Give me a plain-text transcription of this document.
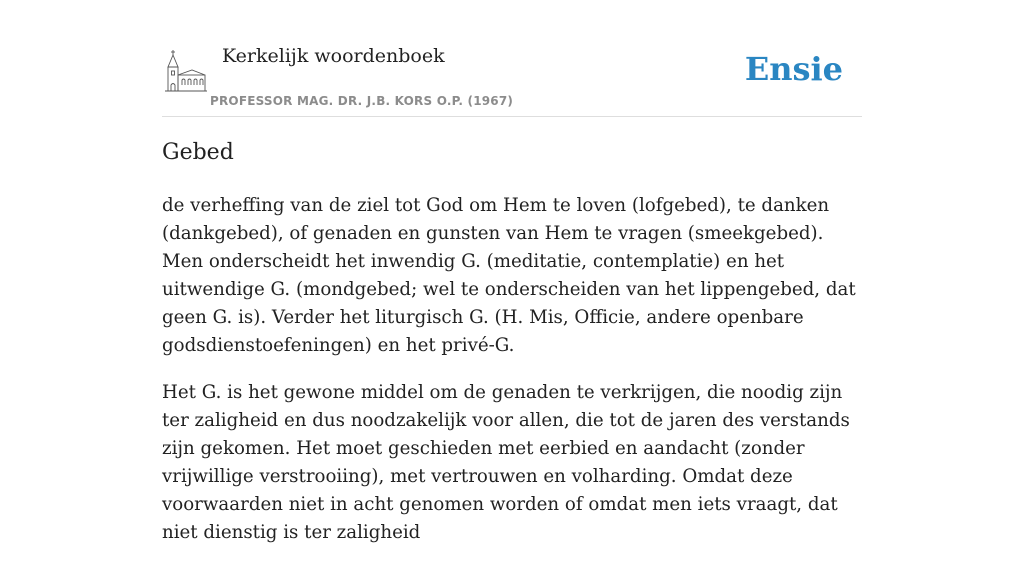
Kerkelijk woordenboek
PROFESSOR MAG. DR. J.B. KORS O.P. (1967)
Ensie
Gebed

de verheffing van de ziel tot God om Hem te loven (lofgebed), te danken (dankgebed), of genaden en gunsten van Hem te vragen (smeekgebed). Men onderscheidt het inwendig G. (meditatie, contemplatie) en het uitwendige G. (mondgebed; wel te onderscheiden van het lippengebed, dat geen G. is). Verder het liturgisch G. (H. Mis, Officie, andere openbare godsdienstoefeningen) en het privé-G.

Het G. is het gewone middel om de genaden te verkrijgen, die noodig zijn ter zaligheid en dus noodzakelijk voor allen, die tot de jaren des verstands zijn gekomen. Het moet geschieden met eerbied en aandacht (zonder vrijwillige verstrooiing), met vertrouwen en volharding. Omdat deze voorwaarden niet in acht genomen worden of omdat men iets vraagt, dat niet dienstig is ter zaligheid
